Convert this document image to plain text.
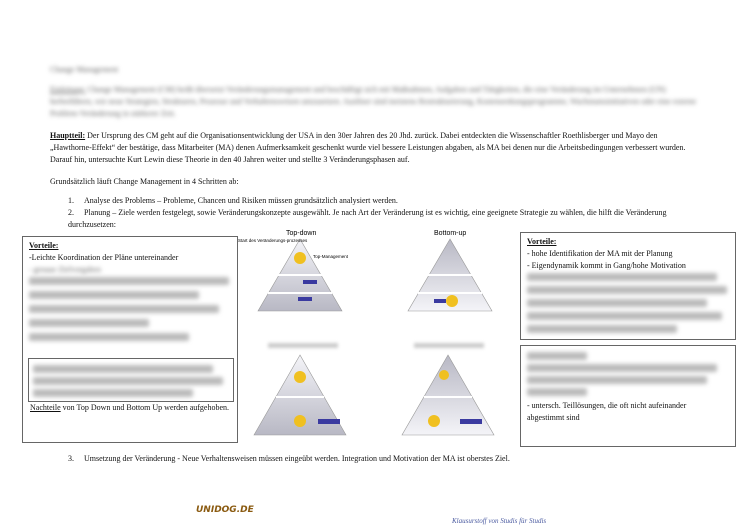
Change Management
Einleitung: Change Management (CM) heißt übersetzt Veränderungsmanagement und beschäftigt sich mit Maßnahmen, Aufgaben und Tätigkeiten, die eine Veränderung im Unternehmen (UN) herbeiführen, wie neue Strategien, Strukturen, Prozesse und Verhaltensweisen umzusetzen. Auslöser sind meistens Restrukturierung, Kostensenkungsprogramme, Wachstumsinitiativen oder eine externe Problem-Veränderung in stärkerer Zeit.
Hauptteil: Der Ursprung des CM geht auf die Organisationsentwicklung der USA in den 30er Jahren des 20 Jhd. zurück. Dabei entdeckten die Wissenschaftler Roethlisberger und Mayo den „Hawthorne-Effekt“ der bestätige, dass Mitarbeiter (MA) denen Aufmerksamkeit geschenkt wurde viel bessere Leistungen abgaben, als MA bei denen nur die Arbeitsbedingungen verbessert wurden. Darauf hin, untersuchte Kurt Lewin diese Theorie in den 40 Jahren weiter und stellte 3 Veränderungsphasen auf.
Grundsätzlich läuft Change Management in 4 Schritten ab:
1. Analyse des Problems – Probleme, Chancen und Risiken müssen grundsätzlich analysiert werden.
2. Planung – Ziele werden festgelegt, sowie Veränderungskonzepte ausgewählt. Je nach Art der Veränderung ist es wichtig, eine geeignete Strategie zu wählen, die hilft die Veränderung durchzusetzen:
Vorteile:
-Leichte Koordination der Pläne untereinander
- genaue Zielvorgaben
Nachteile von Top Down und Bottom Up werden aufgehoben.
Vorteile:
- hohe Identifikation der MA mit der Planung
- Eigendynamik kommt in Gang/hohe Motivation
- untersch. Teillösungen, die oft nicht aufeinander
abgestimmt sind
Top-down
Start des Veränderungs-prozesses
Top-Management
Bottom-up
3. Umsetzung der Veränderung - Neue Verhaltensweisen müssen eingeübt werden. Integration und Motivation der MA ist oberstes Ziel.
UNIDOG.DE
Klausurstoff von Studis für Studis
